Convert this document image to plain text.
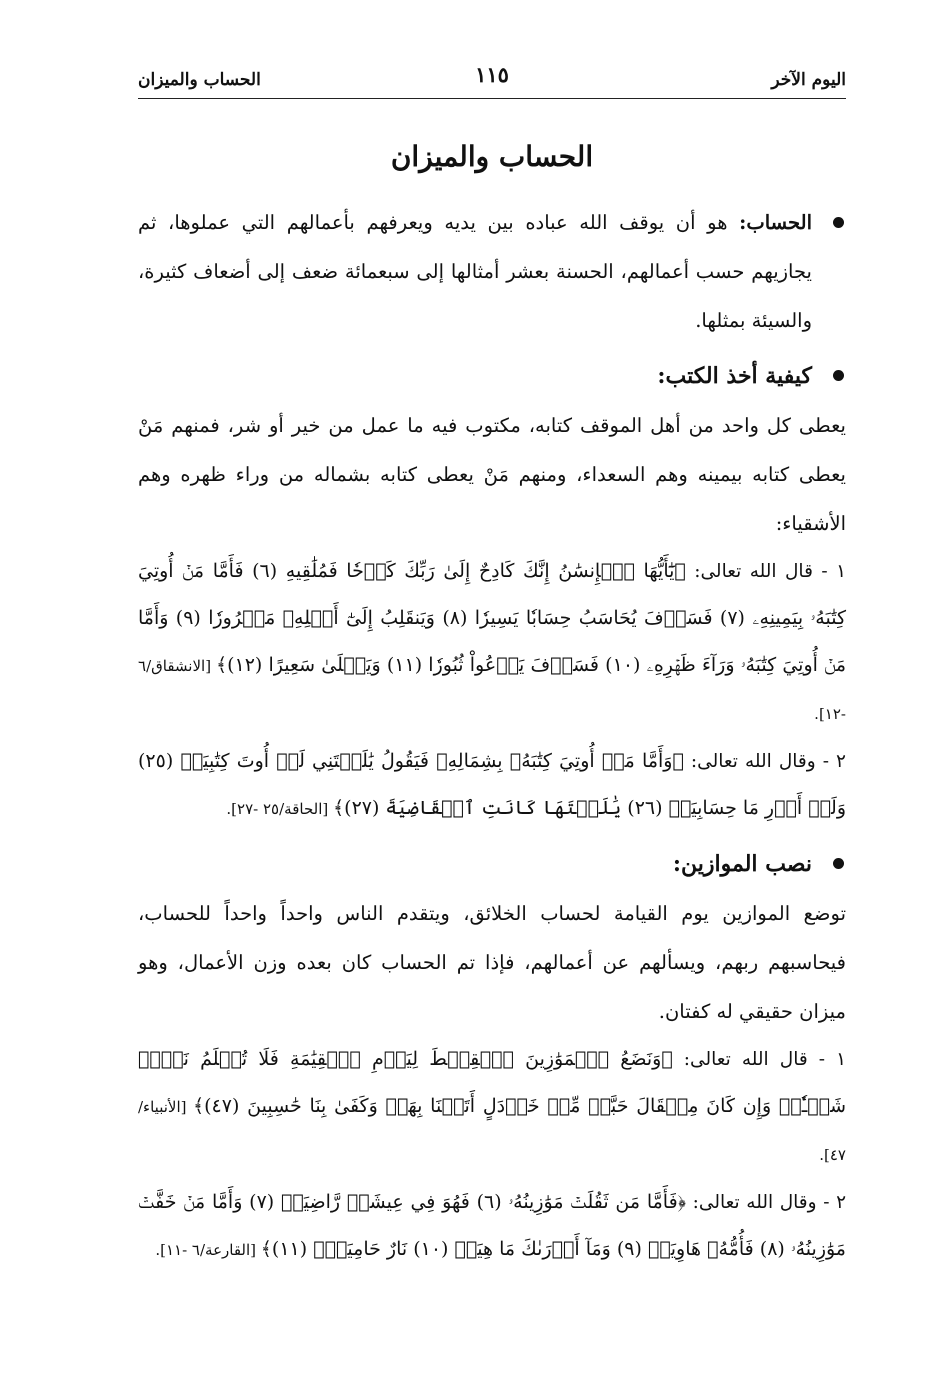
اليوم الآخر
١١٥
الحساب والميزان
الحساب والميزان

الحساب: هو أن يوقف الله عباده بين يديه ويعرفهم بأعمالهم التي عملوها، ثم يجازيهم حسب أعمالهم، الحسنة بعشر أمثالها إلى سبعمائة ضعف إلى أضعاف كثيرة، والسيئة بمثلها.

كيفية أخذ الكتب:

يعطى كل واحد من أهل الموقف كتابه، مكتوب فيه ما عمل من خير أو شر، فمنهم مَنْ يعطى كتابه بيمينه وهم السعداء، ومنهم مَنْ يعطى كتابه بشماله من وراء ظهره وهم الأشقياء:

١ - قال الله تعالى: ﴿يَٰٓأَيُّهَا ٱلۡإِنسَٰنُ إِنَّكَ كَادِحٌ إِلَىٰ رَبِّكَ كَدۡحٗا فَمُلَٰقِيهِ (٦) فَأَمَّا مَنۡ أُوتِيَ كِتَٰبَهُۥ بِيَمِينِهِۦ (٧) فَسَوۡفَ يُحَاسَبُ حِسَابٗا يَسِيرٗا (٨) وَيَنقَلِبُ إِلَىٰٓ أَهۡلِهِۦ مَسۡرُورٗا (٩) وَأَمَّا مَنۡ أُوتِيَ كِتَٰبَهُۥ وَرَآءَ ظَهۡرِهِۦ (١٠) فَسَوۡفَ يَدۡعُواْ ثُبُورٗا (١١) وَيَصۡلَىٰ سَعِيرًا (١٢)﴾ [الانشقاق/٦ -١٢].

٢ - وقال الله تعالى: ﴿وَأَمَّا مَنۡ أُوتِيَ كِتَٰبَهُۥ بِشِمَالِهِۦ فَيَقُولُ يَٰلَيۡتَنِي لَمۡ أُوتَ كِتَٰبِيَهۡ (٢٥) وَلَمۡ أَدۡرِ مَا حِسَابِيَهۡ (٢٦) يَٰلَيۡتَهَا كَانَتِ ٱلۡقَاضِيَةَ (٢٧)﴾ [الحاقة/٢٥ -٢٧].

نصب الموازين:

توضع الموازين يوم القيامة لحساب الخلائق، ويتقدم الناس واحداً واحداً للحساب، فيحاسبهم ربهم، ويسألهم عن أعمالهم، فإذا تم الحساب كان بعده وزن الأعمال، وهو ميزان حقيقي له كفتان.

١ - قال الله تعالى: ﴿وَنَضَعُ ٱلۡمَوَٰزِينَ ٱلۡقِسۡطَ لِيَوۡمِ ٱلۡقِيَٰمَةِ فَلَا تُظۡلَمُ نَفۡسٞ شَيۡـٔٗاۖ وَإِن كَانَ مِثۡقَالَ حَبَّةٖ مِّنۡ خَرۡدَلٍ أَتَيۡنَا بِهَاۗ وَكَفَىٰ بِنَا حَٰسِبِينَ (٤٧)﴾ [الأنبياء/٤٧].

٢ - وقال الله تعالى: ﴿فَأَمَّا مَن ثَقُلَتۡ مَوَٰزِينُهُۥ (٦) فَهُوَ فِي عِيشَةٖ رَّاضِيَةٖ (٧) وَأَمَّا مَنۡ خَفَّتۡ مَوَٰزِينُهُۥ (٨) فَأُمُّهُۥ هَاوِيَةٞ (٩) وَمَآ أَدۡرَىٰكَ مَا هِيَهۡ (١٠) نَارٌ حَامِيَةُۢ (١١)﴾ [القارعة/٦ -١١].
